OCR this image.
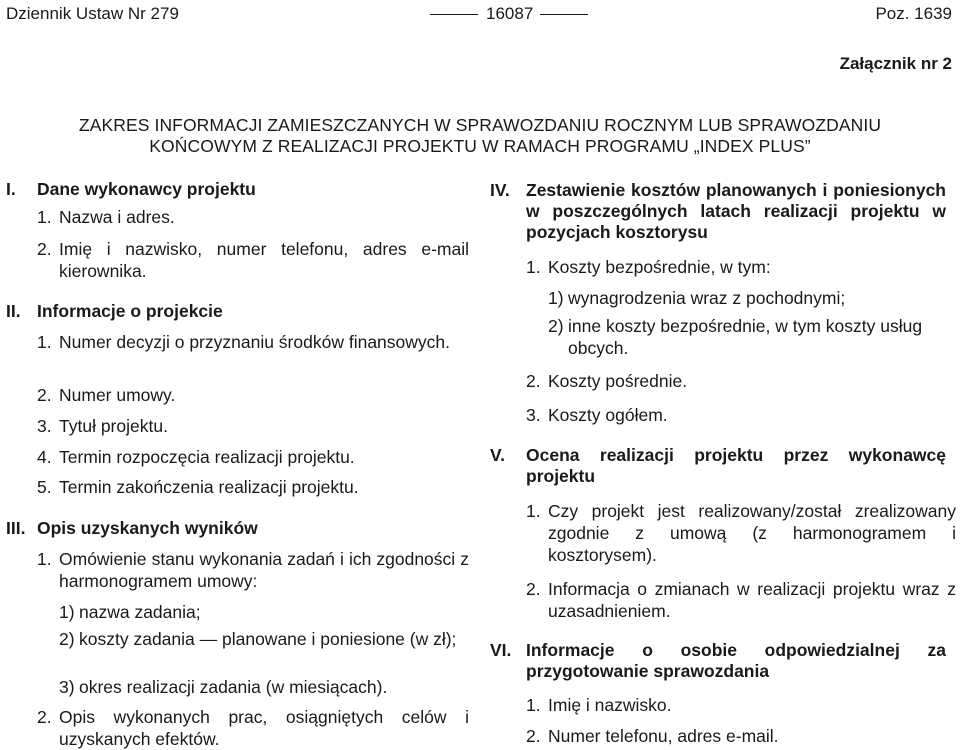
Dziennik Ustaw Nr 279	16087	Poz. 1639
Załącznik nr 2
ZAKRES INFORMACJI ZAMIESZCZANYCH W SPRAWOZDANIU ROCZNYM LUB SPRAWOZDANIU
KOŃCOWYM Z REALIZACJI PROJEKTU W RAMACH PROGRAMU „INDEX PLUS”
I. Dane wykonawcy projektu
1. Nazwa i adres.
2. Imię i nazwisko, numer telefonu, adres e-mail kierownika.
II. Informacje o projekcie
1. Numer decyzji o przyznaniu środków finansowych.
2. Numer umowy.
3. Tytuł projektu.
4. Termin rozpoczęcia realizacji projektu.
5. Termin zakończenia realizacji projektu.
III. Opis uzyskanych wyników
1. Omówienie stanu wykonania zadań i ich zgodności z harmonogramem umowy:
1) nazwa zadania;
2) koszty zadania — planowane i poniesione (w zł);
3) okres realizacji zadania (w miesiącach).
2. Opis wykonanych prac, osiągniętych celów i uzyskanych efektów.
IV. Zestawienie kosztów planowanych i poniesionych w poszczególnych latach realizacji projektu w pozycjach kosztorysu
1. Koszty bezpośrednie, w tym:
1) wynagrodzenia wraz z pochodnymi;
2) inne koszty bezpośrednie, w tym koszty usług obcych.
2. Koszty pośrednie.
3. Koszty ogółem.
V. Ocena realizacji projektu przez wykonawcę projektu
1. Czy projekt jest realizowany/został zrealizowany zgodnie z umową (z harmonogramem i kosztorysem).
2. Informacja o zmianach w realizacji projektu wraz z uzasadnieniem.
VI. Informacje o osobie odpowiedzialnej za przygotowanie sprawozdania
1. Imię i nazwisko.
2. Numer telefonu, adres e-mail.
